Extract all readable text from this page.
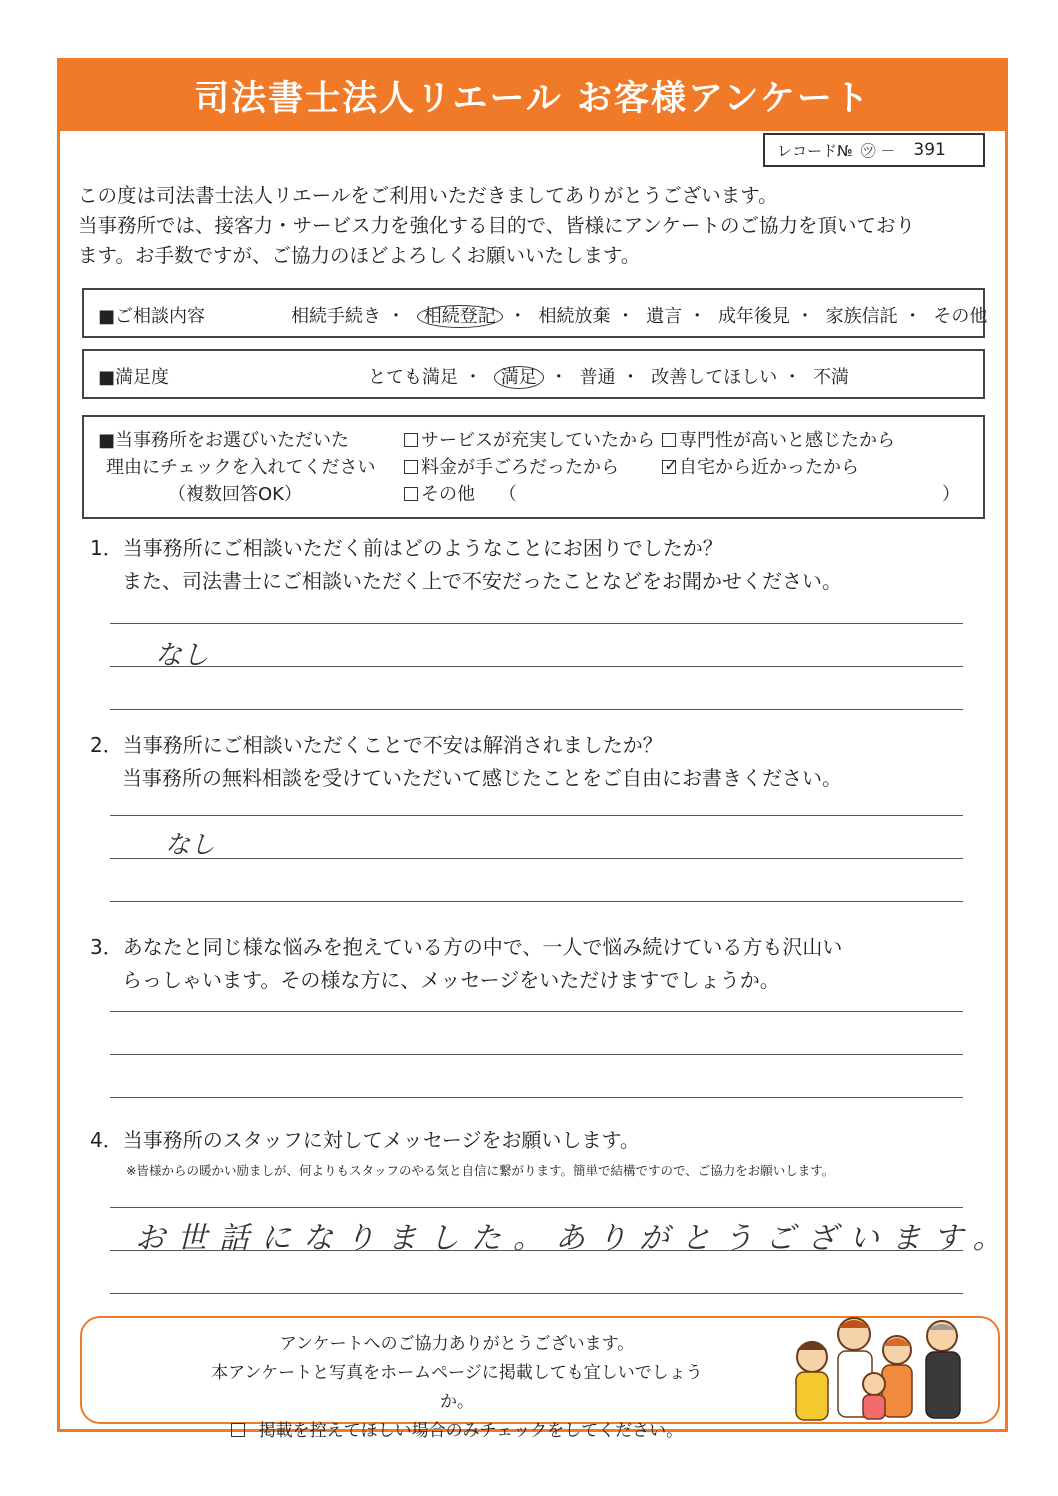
司法書士法人リエール お客様アンケート
レコード№ ㋡ － 391
この度は司法書士法人リエールをご利用いただきましてありがとうございます。
当事務所では、接客力・サービス力を強化する目的で、皆様にアンケートのご協力を頂いており
ます。お手数ですが、ご協力のほどよろしくお願いいたします。
■ご相談内容	相続手続き ・ 相続登記 ・ 相続放棄 ・ 遺言 ・ 成年後見 ・ 家族信託 ・ その他
■満足度	とても満足 ・ 満足 ・ 普通 ・ 改善してほしい ・ 不満
■当事務所をお選びいただいた
理由にチェックを入れてください
（複数回答OK）
サービスが充実していたから	専門性が高いと感じたから
料金が手ごろだったから
✓	自宅から近かったから
その他 （	）
1．当事務所にご相談いただく前はどのようなことにお困りでしたか？
また、司法書士にご相談いただく上で不安だったことなどをお聞かせください。
なし
2．当事務所にご相談いただくことで不安は解消されましたか？
当事務所の無料相談を受けていただいて感じたことをご自由にお書きください。
なし
3．あなたと同じ様な悩みを抱えている方の中で、一人で悩み続けている方も沢山い
らっしゃいます。その様な方に、メッセージをいただけますでしょうか。
4．当事務所のスタッフに対してメッセージをお願いします。
※皆様からの暖かい励ましが、何よりもスタッフのやる気と自信に繋がります。簡単で結構ですので、ご協力をお願いします。
お世話になりました。ありがとうございます。
アンケートへのご協力ありがとうございます。
本アンケートと写真をホームページに掲載しても宜しいでしょうか。
掲載を控えてほしい場合のみチェックをしてください。
